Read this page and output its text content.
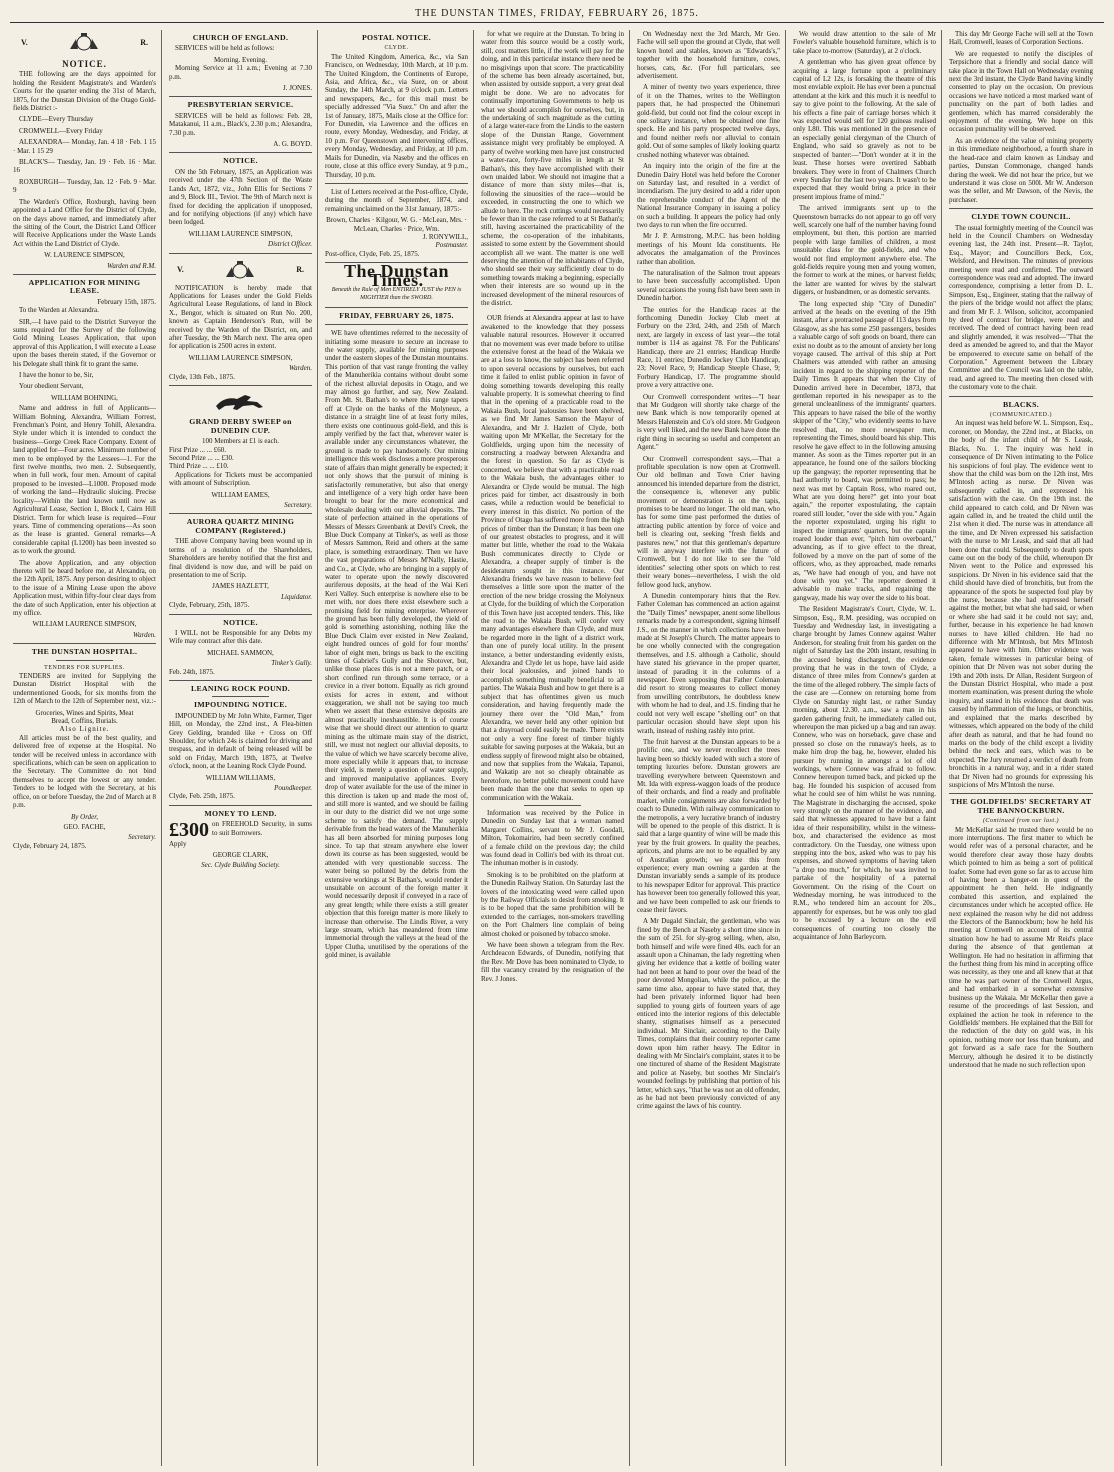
THE DUNSTAN TIMES, FRIDAY, FEBRUARY 26, 1875.
V.	R.
NOTICE.

THE following are the days appointed for holding the Resident Magistrate's and Warden's Courts for the quarter ending the 31st of March, 1875, for the Dunstan Division of the Otago Gold-fields District :-

CLYDE—Every Thursday

CROMWELL—Every Friday

ALEXANDRA— Monday, Jan. 4 18 · Feb. 1 15 · Mar. 1 15 29

BLACK'S— Tuesday, Jan. 19 · Feb. 16 · Mar. 16

ROXBURGH— Tuesday, Jan. 12 · Feb. 9 · Mar. 9

The Warden's Office, Roxburgh, having been appointed a Land Office for the District of Clyde, on the days above named, and immediately after the sitting of the Court, the District Land Officer will Receive Applications under the Waste Lands Act within the Land District of Clyde.

W. LAURENCE SIMPSON,
Warden and R.M.
APPLICATION FOR MINING LEASE.
February 15th, 1875.

To the Warden at Alexandra.

SIR,—I have paid to the District Surveyor the sums required for the Survey of the following Gold Mining Leases Application, that upon approval of this Application, I will execute a Lease upon the bases therein stated, if the Governor or his Delegate shall think fit to grant the same.

I have the honor to be, Sir,

Your obedient Servant,

WILLIAM BOHNING,

Name and address in full of Applicants—William Bohning, Alexandra, William Forrest, Frenchman's Point, and Henry Tohill, Alexandra. Style under which it is intended to conduct the business—Gorge Creek Race Company. Extent of land applied for—Four acres. Minimum number of men to be employed by the Lessees—1. For the first twelve months, two men. 2. Subsequently, when in full work, four men. Amount of capital proposed to be invested—L1000. Proposed mode of working the land—Hydraulic sluicing. Precise locality—Within the land known until now as Agricultural Lease, Section 1, Block I, Cairn Hill District. Term for which lease is required—Four years. Time of commencing operations—As soon as the lease is granted. General remarks—A considerable capital (L1200) has been invested so as to work the ground.

The above Application, and any objection thereto will be heard before me, at Alexandra, on the 12th April, 1875. Any person desiring to object to the issue of a Mining Lease upon the above Application must, within fifty-four clear days from the date of such Application, enter his objection at my office.

WILLIAM LAURENCE SIMPSON,
Warden.
THE DUNSTAN HOSPITAL.
TENDERS FOR SUPPLIES.

TENDERS are invited for Supplying the Dunstan District Hospital with the undermentioned Goods, for six months from the 12th of March to the 12th of September next, viz.:-

Groceries, Wines and Spirits, Meat
Bread, Coffins, Burials.
Also Lignite.

All articles must be of the best quality, and delivered free of expense at the Hospital. No tender will be received unless in accordance with specifications, which can be seen on application to the Secretary. The Committee do not bind themselves to accept the lowest or any tender. Tenders to be lodged with the Secretary, at his office, on or before Tuesday, the 2nd of March at 8 p.m.

By Order,
GEO. FACHE,
Secretary.
Clyde, February 24, 1875.
CHURCH OF ENGLAND.

SERVICES will be held as follows:

Morning. Evening.

Morning Service at 11 a.m.; Evening at 7.30 p.m.

J. JONES.
PRESBYTERIAN SERVICE.

SERVICES will be held as follows: Feb. 28, Matakanui, 11 a.m., Black's, 2.30 p.m.; Alexandra, 7.30 p.m.

A. G. BOYD.
NOTICE.

ON the 5th February, 1875, an Application was received under the 47th Section of the Waste Lands Act, 1872, viz., John Ellis for Sections 7 and 9, Block III., Teviot. The 9th of March next is fixed for deciding the application if unopposed, and for notifying objections (if any) which have been lodged.

WILLIAM LAURENCE SIMPSON,
District Officer.
V.	R.

NOTIFICATION is hereby made that Applications for Leases under the Gold Fields Agricultural Lease Regulations, of land in Block X., Bengor, which is situated on Run No. 200, known as Captain Henderson's Run, will be received by the Warden of the District, on, and after Tuesday, the 9th March next. The area open for application is 2500 acres in extent.

WILLIAM LAURENCE SIMPSON,
Warden.
Clyde, 13th Feb., 1875.
GRAND DERBY SWEEP on DUNEDIN CUP.
100 Members at £1 is each.
First Prize ... ... £60.
Second Prize ... ... £30.
Third Prize ... ... £10.

Applications for Tickets must be accompanied with amount of Subscription.

WILLIAM EAMES,
Secretary.
AURORA QUARTZ MINING COMPANY (Registered.)

THE above Company having been wound up in terms of a resolution of the Shareholders, Shareholders are hereby notified that the first and final dividend is now due, and will be paid on presentation to me of Scrip.

JAMES HAZLETT,
Liquidator.
Clyde, February, 25th, 1875.
NOTICE.

I WILL not be Responsible for any Debts my Wife may contract after this date.

MICHAEL SAMMON,
Tinker's Gully.
Feb. 24th, 1875.
LEANING ROCK POUND.
IMPOUNDING NOTICE.

IMPOUNDED by Mr John White, Farmer, Tiger Hill, on Monday, the 22nd inst., A Flea-bitten Grey Gelding, branded like + Cross on Off Shoulder, for which 24s is claimed for driving and trespass, and in default of being released will be sold on Friday, March 19th, 1875, at Twelve o'clock, noon, at the Leaning Rock Clyde Pound.

WILLIAM WILLIAMS,
Poundkeeper.
Clyde, Feb. 25th, 1875.
MONEY TO LEND.
£300 on FREEHOLD Security, in sums to suit Borrowers.
Apply
GEORGE CLARK,
Sec. Clyde Building Society.
POSTAL NOTICE.
CLYDE.

The United Kingdom, America, &c., via San Francisco, on Wednesday, 10th March, at 10 p.m. The United Kingdom, the Continents of Europe, Asia, and Africa, &c., via Suez, on or about Sunday, the 14th March, at 9 o'clock p.m. Letters and newspapers, &c., for this mail must be specially addressed "Via Suez." On and after the 1st of January, 1875, Mails close at the Office for: For Dunedin, via Lawrence and the offices en route, every Monday, Wednesday, and Friday, at 10 p.m. For Queenstown and intervening offices, every Monday, Wednesday, and Friday, at 10 p.m. Mails for Dunedin, via Naseby and the offices en route, close at this office every Sunday, at 9 p.m., Thursday, 10 p.m.

List of Letters received at the Post-office, Clyde, during the month of September, 1874, and remaining unclaimed on the 31st January, 1875:-

Brown, Charles · Kilgour, W. G. · McLean, Mrs. · McLean, Charles · Price, Wm.
J. RONYWILL,
Postmaster.
Post-office, Clyde, Feb. 25, 1875.
The Dunstan Times.
Beneath the Rule of Men ENTIRELY JUST the PEN is MIGHTIER than the SWORD.
FRIDAY, FEBRUARY 26, 1875.

WE have oftentimes referred to the necessity of initiating some measure to secure an increase to the water supply, available for mining purposes under the eastern slopes of the Dunstan mountains. This portion of that vast range fronting the valley of the Manuherikia contains without doubt some of the richest alluvial deposits in Otago, and we may almost go further, and say, New Zealand. From Mt. St. Bathan's to where this range tapers off at Clyde on the banks of the Molyneux, a distance in a straight line of at least forty miles, there exists one continuous gold-field, and this is amply verified by the fact that, wherever water is available under any circumstances whatever, the ground is made to pay handsomely. Our mining intelligence this week discloses a more prosperous state of affairs than might generally be expected; it not only shows that the pursuit of mining is satisfactorily remunerative, but also that energy and intelligence of a very high order have been brought to bear for the more economical and wholesale dealing with our alluvial deposits. The state of perfection attained in the operations of Messrs of Messrs Greenbank at Devil's Creek, the Blue Duck Company at Tinker's, as well as those of Messrs Sammon, Reid and others at the same place, is something extraordinary. Then we have the vast preparations of Messrs M'Nally, Hastie, and Co., at Clyde, who are bringing in a supply of water to operate upon the newly discovered auriferous deposits, at the head of the Wai Keri Keri Valley. Such enterprise is nowhere else to be met with, nor does there exist elsewhere such a promising field for mining enterprise. Wherever the ground has been fully developed, the yield of gold is something astonishing, nothing like the Blue Duck Claim ever existed in New Zealand, eight hundred ounces of gold for four months' labor of eight men, brings us back to the exciting times of Gabriel's Gully and the Shotover, but, unlike those places this is not a mere patch, or a short confined run through some terrace, or a crevice in a river bottom. Equally as rich ground exists for acres in extent, and without exaggeration, we shall not be saying too much when we assert that these extensive deposits are almost practically inexhaustible. It is of course wise that we should direct our attention to quartz mining as the ultimate main stay of the district, still, we must not neglect our alluvial deposits, to the value of which we have scarcely become alive, more especially while it appears that, to increase their yield, is merely a question of water supply, and improved manipulative appliances. Every drop of water available for the use of the miner in this direction is taken up and made the most of, and still more is wanted, and we should be failing in our duty to the district did we not urge some scheme to satisfy the demand. The supply derivable from the head waters of the Manuherikia has all been absorbed for mining purposes long since. To tap that stream anywhere else lower down its course as has been suggested, would be attended with very questionable success. The water being so polluted by the debris from the extensive workings at St Bathan's, would render it unsuitable on account of the foreign matter it would necessarily deposit if conveyed in a race of any great length; while there exists a still greater objection that this foreign matter is more likely to increase than otherwise. The Lindis River, a very large stream, which has meandered from time immemorial through the valleys at the head of the Upper Clutha, unutilised by the operations of the gold miner, is available

for what we require at the Dunstan. To bring in water from this source would be a costly work, still, cost matters little, if the work will pay for the doing, and in this particular instance there need be no misgivings upon that score. The practicability of the scheme has been already ascertained, but, when assisted by outside support, a very great deal might be done. We are no advocates for continually importuning Governments to help us what we should accomplish for ourselves, but, in the undertaking of such magnitude as the cutting of a large water-race from the Lindis to the eastern slope of the Dunstan Range, Government assistance might very profitably be employed. A party of twelve working men have just constructed a water-race, forty-five miles in length at St Bathan's, this they have accomplished with their own unaided labor. We should not imagine that a distance of more than sixty miles—that is, following the sinuosities of the race—would be exceeded, in constructing the one to which we allude to here. The rock cuttings would necessarily be fewer than in the case referred to at St Bathan's; still, having ascertained the practicability of the scheme, the co-operation of the inhabitants, assisted to some extent by the Government should accomplish all we want. The matter is one well deserving the attention of the inhabitants of Clyde, who should see their way sufficiently clear to do something towards making a beginning, especially when their interests are so wound up in the increased development of the mineral resources of the district.

OUR friends at Alexandra appear at last to have awakened to the knowledge that they possess valuable natural resources. However it occurred that no movement was ever made before to utilise the extensive forest at the head of the Wakaia we are at a loss to know, the subject has been referred to upon several occasions by ourselves, but each time it failed to enlist public opinion in favor of doing something towards developing this really valuable property. It is somewhat cheering to find that in the opening of a practicable road to the Wakaia Bush, local jealousies have been shelved, as we find Mr James Samson the Mayor of Alexandra, and Mr J. Hazlett of Clyde, both waiting upon Mr M'Kellar, the Secretary for the Goldfields, urging upon him the necessity of constructing a roadway between Alexandra and the forest in question. So far as Clyde is concerned, we believe that with a practicable road to the Wakaia bush, the advantages either to Alexandra or Clyde would be mutual. The high prices paid for timber, act disastrously in both cases, while a reduction would be beneficial to every interest in this district. No portion of the Province of Otago has suffered more from the high prices of timber than the Dunstan; it has been one of our greatest obstacles to progress, and it will matter but little, whether the road to the Wakaia Bush communicates directly to Clyde or Alexandra, a cheaper supply of timber is the desideratum sought in this instance. Our Alexandra friends we have reason to believe feel themselves a little sore upon the matter of the erection of the new bridge crossing the Molyneux at Clyde, for the building of which the Corporation of this Town have just accepted tenders. This, like the road to the Wakaia Bush, will confer very many advantages elsewhere than Clyde, and must be regarded more in the light of a district work, than one of purely local utility. In the present instance, a better understanding evidently exists, Alexandra and Clyde let us hope, have laid aside their local jealousies, and joined hands to accomplish something mutually beneficial to all parties. The Wakaia Bush and how to get there is a subject that has oftentimes given us much consideration, and having frequently made the journey there over the "Old Man," from Alexandra, we never held any other opinion but that a drayroad could easily be made. There exists not only a very fine forest of timber highly suitable for sawing purposes at the Wakaia, but an endless supply of firewood might also be obtained, and now that supplies from the Wakaia, Tapanui, and Wakatip are not so cheaply obtainable as heretofore, no better public movement could have been made than the one that seeks to open up communication with the Wakaia.

Information was received by the Police in Dunedin on Sunday last that a woman named Margaret Collins, servant to Mr J. Goodall, Milton, Tokomairiro, had been secretly confined of a female child on the previous day; the child was found dead in Collin's bed with its throat cut. The inhuman mother is in custody.

Smoking is to be prohibited on the platform at the Dunedin Railway Station. On Saturday last the lovers of the intoxicating weed were called upon by the Railway Officials to desist from smoking. It is to be hoped that the same prohibition will be extended to the carriages, non-smokers travelling on the Port Chalmers line complain of being almost choked or poisoned by tobacco smoke.

We have been shown a telegram from the Rev. Archdeacon Edwards, of Dunedin, notifying that the Rev. Mr Dove has been nominated to Clyde, to fill the vacancy created by the resignation of the Rev. J Jones.

On Wednesday next the 3rd March, Mr Geo. Fache will sell upon the ground at Clyde, that well known hotel and stables, known as "Edwards's," together with the household furniture, cows, horses, cats, &c. (For full particulars, see advertisement.

A miner of twenty two years experience, three of it on the Thames, writes to the Wellington papers that, he had prospected the Ohinemuri gold-field, but could not find the colour except in one solitary instance, when he obtained one fine speck. He and his party prospected twelve days, and found neither reefs nor alluvial to contain gold. Out of some samples of likely looking quartz crushed nothing whatever was obtained.

An inquiry into the origin of the fire at the Dunedin Dairy Hotel was held before the Coroner on Saturday last, and resulted in a verdict of incendiarism. The jury desired to add a rider upon the reprehensible conduct of the Agent of the National Insurance Company in issuing a policy on such a building. It appears the policy had only two days to run when the fire occurred.

Mr J. P. Armstrong, M.P.C. has been holding meetings of his Mount Ida constituents. He advocates the amalgamation of the Provinces rather than abolition.

The naturalisation of the Salmon trout appears to have been successfully accomplished. Upon several occasions the young fish have been seen in Dunedin harbor.

The entries for the Handicap races at the forthcoming Dunedin Jockey Club meet at Forbury on the 23rd, 24th, and 25th of March next, are largely in excess of last year—the total number is 114 as against 78. For the Publicans' Handicap, there are 21 entries; Handicap Hurdle Race, 11 entries; Dunedin Jockey Club Handicap, 23; Novel Race, 9; Handicap Steeple Chase, 9; Forbury Handicap, 17. The programme should prove a very attractive one.

Our Cromwell correspondent writes—"I hear that Mr Gudgeon will shortly take charge of the new Bank which is now temporarily opened at Messrs Halenstein and Co's old store. Mr Gudgeon is very well liked, and the new Bank have done the right thing in securing so useful and competent an Agent."

Our Cromwell correspondent says,—That a profitable speculation is now open at Cromwell. Our old bellman and Town Crier having announced his intended departure from the district, the consequence is, whenever any public movement or demonstration is on the tapis, promises to be heard no longer. The old man, who has for some time past performed the duties of attracting public attention by force of voice and bell is clearing out, seeking "fresh fields and pastures new," not that this gentleman's departure will in anyway interfere with the future of Cromwell, but I do not like to see the "old identities" selecting other spots on which to rest their weary bones—nevertheless, I wish the old fellow good luck, anyhow.

A Dunedin contemporary hints that the Rev. Father Coleman has commenced an action against the "Daily Times" newspaper, anent some libellous remarks made by a correspondent, signing himself J.S., on the manner in which collections have been made at St Joseph's Church. The matter appears to be one wholly connected with the congregation themselves, and J.S. although a Catholic, should have stated his grievance in the proper quarter, instead of parading it in the columns of a newspaper. Even supposing that Father Coleman did resort to strong measures to collect money from unwilling contributors, he doubtless knew with whom he had to deal, and J.S. finding that he could not very well escape "shelling out" on that particular occasion should have slept upon his wrath, instead of rushing rashly into print.

The fruit harvest at the Dunstan appears to be a prolific one, and we never recollect the trees having been so thickly loaded with such a store of tempting luxuries before. Dunstan growers are travelling everywhere between Queenstown and Mt. Ida with express-waggon loads of the produce of their orchards, and find a ready and profitable market, while consignments are also forwarded by coach to Dunedin. With railway communication to the metropolis, a very lucrative branch of industry will be opened to the people of this district. It is said that a large quantity of wine will be made this year by the fruit growers. In quality the peaches, apricots, and plums are not to be equalled by any of Australian growth; we state this from experience; every man owning a garden at the Dunstan invariably sends a sample of its produce to his newspaper Editor for approval. This practice has however been too generally followed this year, and we have been compelled to ask our friends to cease their favors.

A Mr Dugald Sinclair, the gentleman, who was fined by the Bench at Naseby a short time since in the sum of 25l. for sly-grog selling, when, also, both himself and wife were fined 40s. each for an assault upon a Chinaman, the lady regretting when giving her evidence that a kettle of boiling water had not been at hand to pour over the head of the poor devoted Mongolian, while the police, at the same time also, appear to have stated that, they had been privately informed liquor had been supplied to young girls of fourteen years of age enticed into the interior regions of this delectable shanty, stigmatises himself as a persecuted individual. Mr Sinclair, according to the Daily Times, complains that their country reporter came down upon him rather heavy. The Editor in dealing with Mr Sinclair's complaint, states it to be one tinctured of shame of the Resident Magistrate and police at Naseby, but soothes Mr Sinclair's wounded feelings by publishing that portion of his letter, which says, "that he was not an old offender, as he had not been previously convicted of any crime against the laws of his country.

We would draw attention to the sale of Mr Fowler's valuable household furniture, which is to take place to-morrow (Saturday), at 2 o'clock.

A gentleman who has given great offence by acquiring a large fortune upon a preliminary capital of L2 12s, is forsaking the theatre of this most enviable exploit. He has ever been a punctual attendant at the kirk and this much it is needful to say to give point to the following. At the sale of his effects a fine pair of carriage horses which it was expected would sell for 120 guineas realised only L80. This was mentioned in the presence of an especially genial clergyman of the Church of England, who said so gravely as not to be suspected of banter:—"Don't wonder at it in the least. These horses were overtired Sabbath breakers. They were in front of Chalmers Church every Sunday for the last two years. It wasn't to be expected that they would bring a price in their present impious frame of mind."

The arrived immigrants sent up to the Queenstown barracks do not appear to go off very well, scarcely one half of the number having found employment, but then, this portion are married people with large families of children, a most unsuitable class for the gold-fields, and who would not find employment anywhere else. The gold-fields require young men and young women, the former to work at the mines, or harvest fields; the latter are wanted for wives by the stalwart diggers, or husbandmen, or as domestic servants.

The long expected ship "City of Dunedin" arrived at the heads on the evening of the 19th instant, after a protracted passage of 113 days from Glasgow, as she has some 250 passengers, besides a valuable cargo of soft goods on board, there can exist no doubt as to the amount of anxiety her long voyage caused. The arrival of this ship at Port Chalmers was attended with rather an amusing incident in regard to the shipping reporter of the Daily Times It appears that when the City of Dunedin arrived here in December, 1873, that gentleman reported in his newspaper as to the general uncleanliness of the immigrants' quarters. This appears to have raised the bile of the worthy skipper of the "City," who evidently seems to have resolved that, no more newspaper men, representing the Times, should board his ship. This resolve he gave effect to in the following amusing manner. As soon as the Times reporter put in an appearance, he found one of the sailors blocking up the gangway; the reporter representing that he had authority to board, was permitted to pass; he next was met by Captain Ross, who roared out, What are you doing here?" get into your boat again," the reporter expostulating, the captain roared still louder, "over the side with you." Again the reporter expostulated, urging his right to inspect the immigrants' quarters, but the captain roared louder than ever, "pitch him overboard," advancing, as if to give effect to the threat, followed by a move on the part of some of the officers, who, as they approached, made remarks as, "We have had enough of you, and have not done with you yet." The reporter deemed it advisable to make tracks, and regaining the gangway, made his way over the side to his boat.

The Resident Magistrate's Court, Clyde, W. L. Simpson, Esq., R.M. presiding, was occupied on Tuesday and Wednesday last, in investigating a charge brought by James Connew against Walter Anderson, for stealing fruit from his garden on the night of Saturday last the 20th instant, resulting in the accused being discharged, the evidence proving that he was in the town of Clyde, a distance of three miles from Connew's garden at the time of the alleged robbery. The simple facts of the case are —Connew on returning home from Clyde on Saturday night last, or rather Sunday morning, about 12.30. a.m., saw a man in his garden gathering fruit, he immediately called out, whereupon the man picked up a bag and ran away. Connew, who was on horseback, gave chase and pressed so close on the runaway's heels, as to make him drop the bag, he, however, eluded his pursuer by running in amongst a lot of old workings, where Connew was afraid to follow. Connew hereupon turned back, and picked up the bag. He founded his suspicion of accused from what he could see of him whilst he was running. The Magistrate in discharging the accused, spoke very strongly on the manner of the evidence, and said that witnesses appeared to have but a faint idea of their responsibility, whilst in the witness-box, and characterised the evidence as most contradictory. On the Tuesday, one witness upon stepping into the box, asked who was to pay his expenses, and showed symptoms of having taken "a drop too much," for which, he was invited to partake of the hospitality of a paternal Government. On the rising of the Court on Wednesday morning, he was introduced to the R.M., who tendered him an account for 20s., apparently for expenses, but he was only too glad to be excused by a lecture on the evil consequences of courting too closely the acquaintance of John Barleycorn.

This day Mr George Fache will sell at the Town Hall, Cromwell, leases of Corporation Sections.

We are requested to notify the disciples of Terpsichore that a friendly and social dance will take place in the Town Hall on Wednesday evening next the 3rd instant, the Clyde Band having kindly consented to play on the occasion. On previous occasions we have noticed a most marked want of punctuality on the part of both ladies and gentlemen, which has marred considerably the enjoyment of the evening. We hope on this occasion punctuality will be observed.

As an evidence of the value of mining property in this immediate neighborhood, a fourth share in the head-race and claim known as Lindsay and parties, Dunstan Commonage, changed hands during the week. We did not hear the price, but we understand it was close on 500l. Mr W. Anderson was the seller, and Mr Dawson, of the Nevis, the purchaser.

CLYDE TOWN COUNCIL.

The usual fortnightly meeting of the Council was held in the Council Chambers on Wednesday evening last, the 24th inst. Present—R. Taylor, Esq., Mayor; and Councillors Beck, Cox, Welsford, and Hewitson. The minutes of previous meeting were read and confirmed. The outward correspondence was read and adopted. The inward correspondence, comprising a letter from D. L. Simpson, Esq., Engineer, stating that the railway of the piers of the bridge would not affect the plans; and from Mr F. J. Wilson, solicitor, accompanied by deed of contract for bridge, were read and received. The deed of contract having been read and slightly amended, it was resolved—"That the deed as amended be agreed to, and that the Mayor be empowered to execute same on behalf of the Corporation." Agreement between the Library Committee and the Council was laid on the table, read, and agreed to. The meeting then closed with the customary vote to the chair.

BLACKS.
(COMMUNICATED.)

An inquest was held before W. L. Simpson, Esq., coroner, on Monday, the 22nd inst., at Blacks, on the body of the infant child of Mr S. Leask, Blacks, No. 1. The inquiry was held in consequence of Dr Niven intimating to the Police his suspicions of foul play. The evidence went to show that the child was born on the 12th inst, Mrs M'Intosh acting as nurse. Dr Niven was subsequently called in, and expressed his satisfaction with the case. On the 19th inst. the child appeared to catch cold, and Dr Niven was again called in, and he treated the child until the 21st when it died. The nurse was in attendance all the time, and Dr Niven expressed his satisfaction with the nurse to Mr Leask, and said that all had been done that could. Subsequently to death spots came out on the body of the child, whereupon Dr Niven went to the Police and expressed his suspicions. Dr Niven in his evidence said that the child should have died of bronchitis, but from the appearance of the spots he suspected foul play by the nurse, because she had expressed herself against the mother, but what she had said, or when or where she had said it he could not say; and, further, because in his experience he had known nurses to have killed children. He had no difference with Mr M'Intosh, but Mrs M'Intosh appeared to have with him. Other evidence was taken, female witnesses in particular being of opinion that Dr Niven was not sober during the 19th and 20th insts. Dr Allan, Resident Surgeon of the Dunstan District Hospital, who made a post mortem examination, was present during the whole inquiry, and stated in his evidence that death was caused by inflammation of the lungs, or bronchitis, and explained that the marks described by witnesses, which appeared on the body of the child after death as natural, and that he had found no marks on the body of the child except a lividity behind the neck and ears, which was to be expected. The Jury returned a verdict of death from bronchitis in a natural way, and in a rider stated that Dr Niven had no grounds for expressing his suspicions of Mrs M'Intosh the nurse.

THE GOLDFIELDS' SECRETARY AT THE BANNOCKBURN.
(Continued from our last.)

Mr McKellar said he trusted there would be no more interruptions. The first matter to which he would refer was of a personal character, and he would therefore clear away those hazy doubts which pointed to him as being a sort of political loafer. Some had even gone so far as to accuse him of having been a hanger-on in quest of the appointment he then held. He indignantly combated this assertion, and explained the circumstances under which he accepted office. He next explained the reason why he did not address the Electors of the Bannockburn; how he held his meeting at Cromwell on account of its central situation how he had to assume Mr Reid's place during the absence of that gentleman at Wellington. He had no hesitation in affirming that the furthest thing from his mind in accepting office was necessity, as they one and all knew that at that time he was part owner of the Cromwell Argus, and had embarked in a somewhat extensive business up the Wakaia. Mr McKellar then gave a resume of the proceedings of last Session, and explained the action he took in reference to the Goldfields' members. He explained that the Bill for the reduction of the duty on gold was, in his opinion, nothing more nor less than bunkum, and got forward as a safe race for the Southern Mercury, although he desired it to be distinctly understood that he made no such reflection upon
